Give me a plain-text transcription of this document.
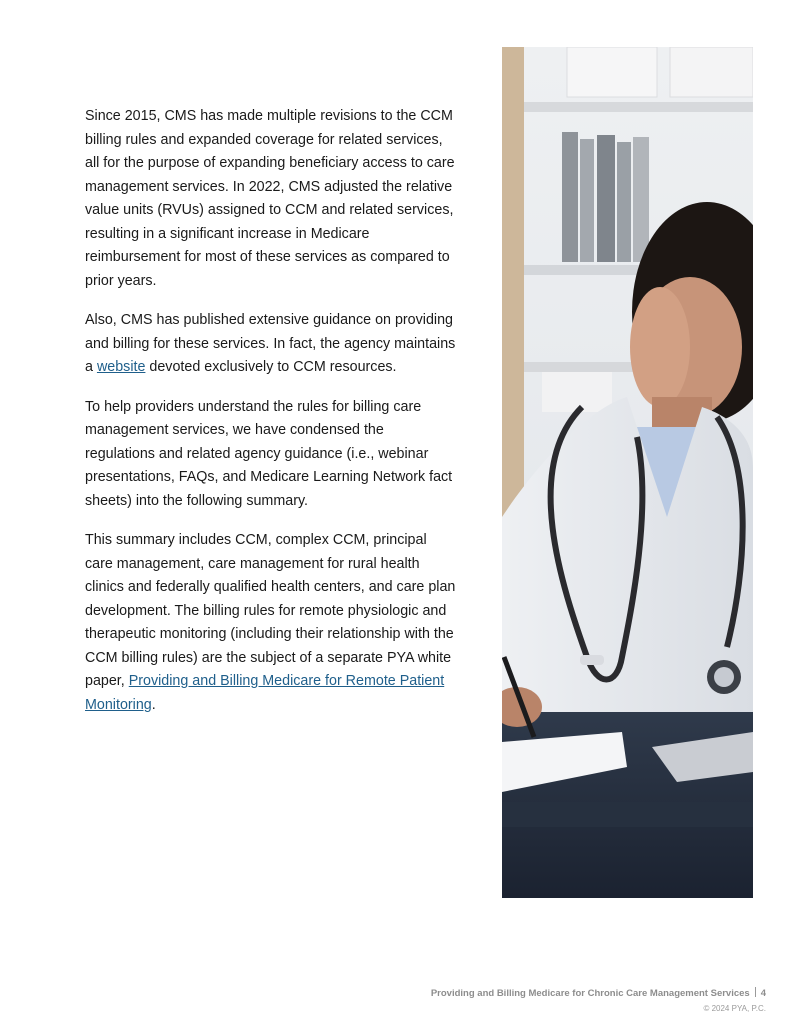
Since 2015, CMS has made multiple revisions to the CCM billing rules and expanded coverage for related services, all for the purpose of expanding beneficiary access to care management services. In 2022, CMS adjusted the relative value units (RVUs) assigned to CCM and related services, resulting in a significant increase in Medicare reimbursement for most of these services as compared to prior years.

Also, CMS has published extensive guidance on providing and billing for these services. In fact, the agency maintains a website devoted exclusively to CCM resources.

To help providers understand the rules for billing care management services, we have condensed the regulations and related agency guidance (i.e., webinar presentations, FAQs, and Medicare Learning Network fact sheets) into the following summary.

This summary includes CCM, complex CCM, principal care management, care management for rural health clinics and federally qualified health centers, and care plan development. The billing rules for remote physiologic and therapeutic monitoring (including their relationship with the CCM billing rules) are the subject of a separate PYA white paper, Providing and Billing Medicare for Remote Patient Monitoring.

Providing and Billing Medicare for Chronic Care Management Services 4
© 2024 PYA, P.C.
